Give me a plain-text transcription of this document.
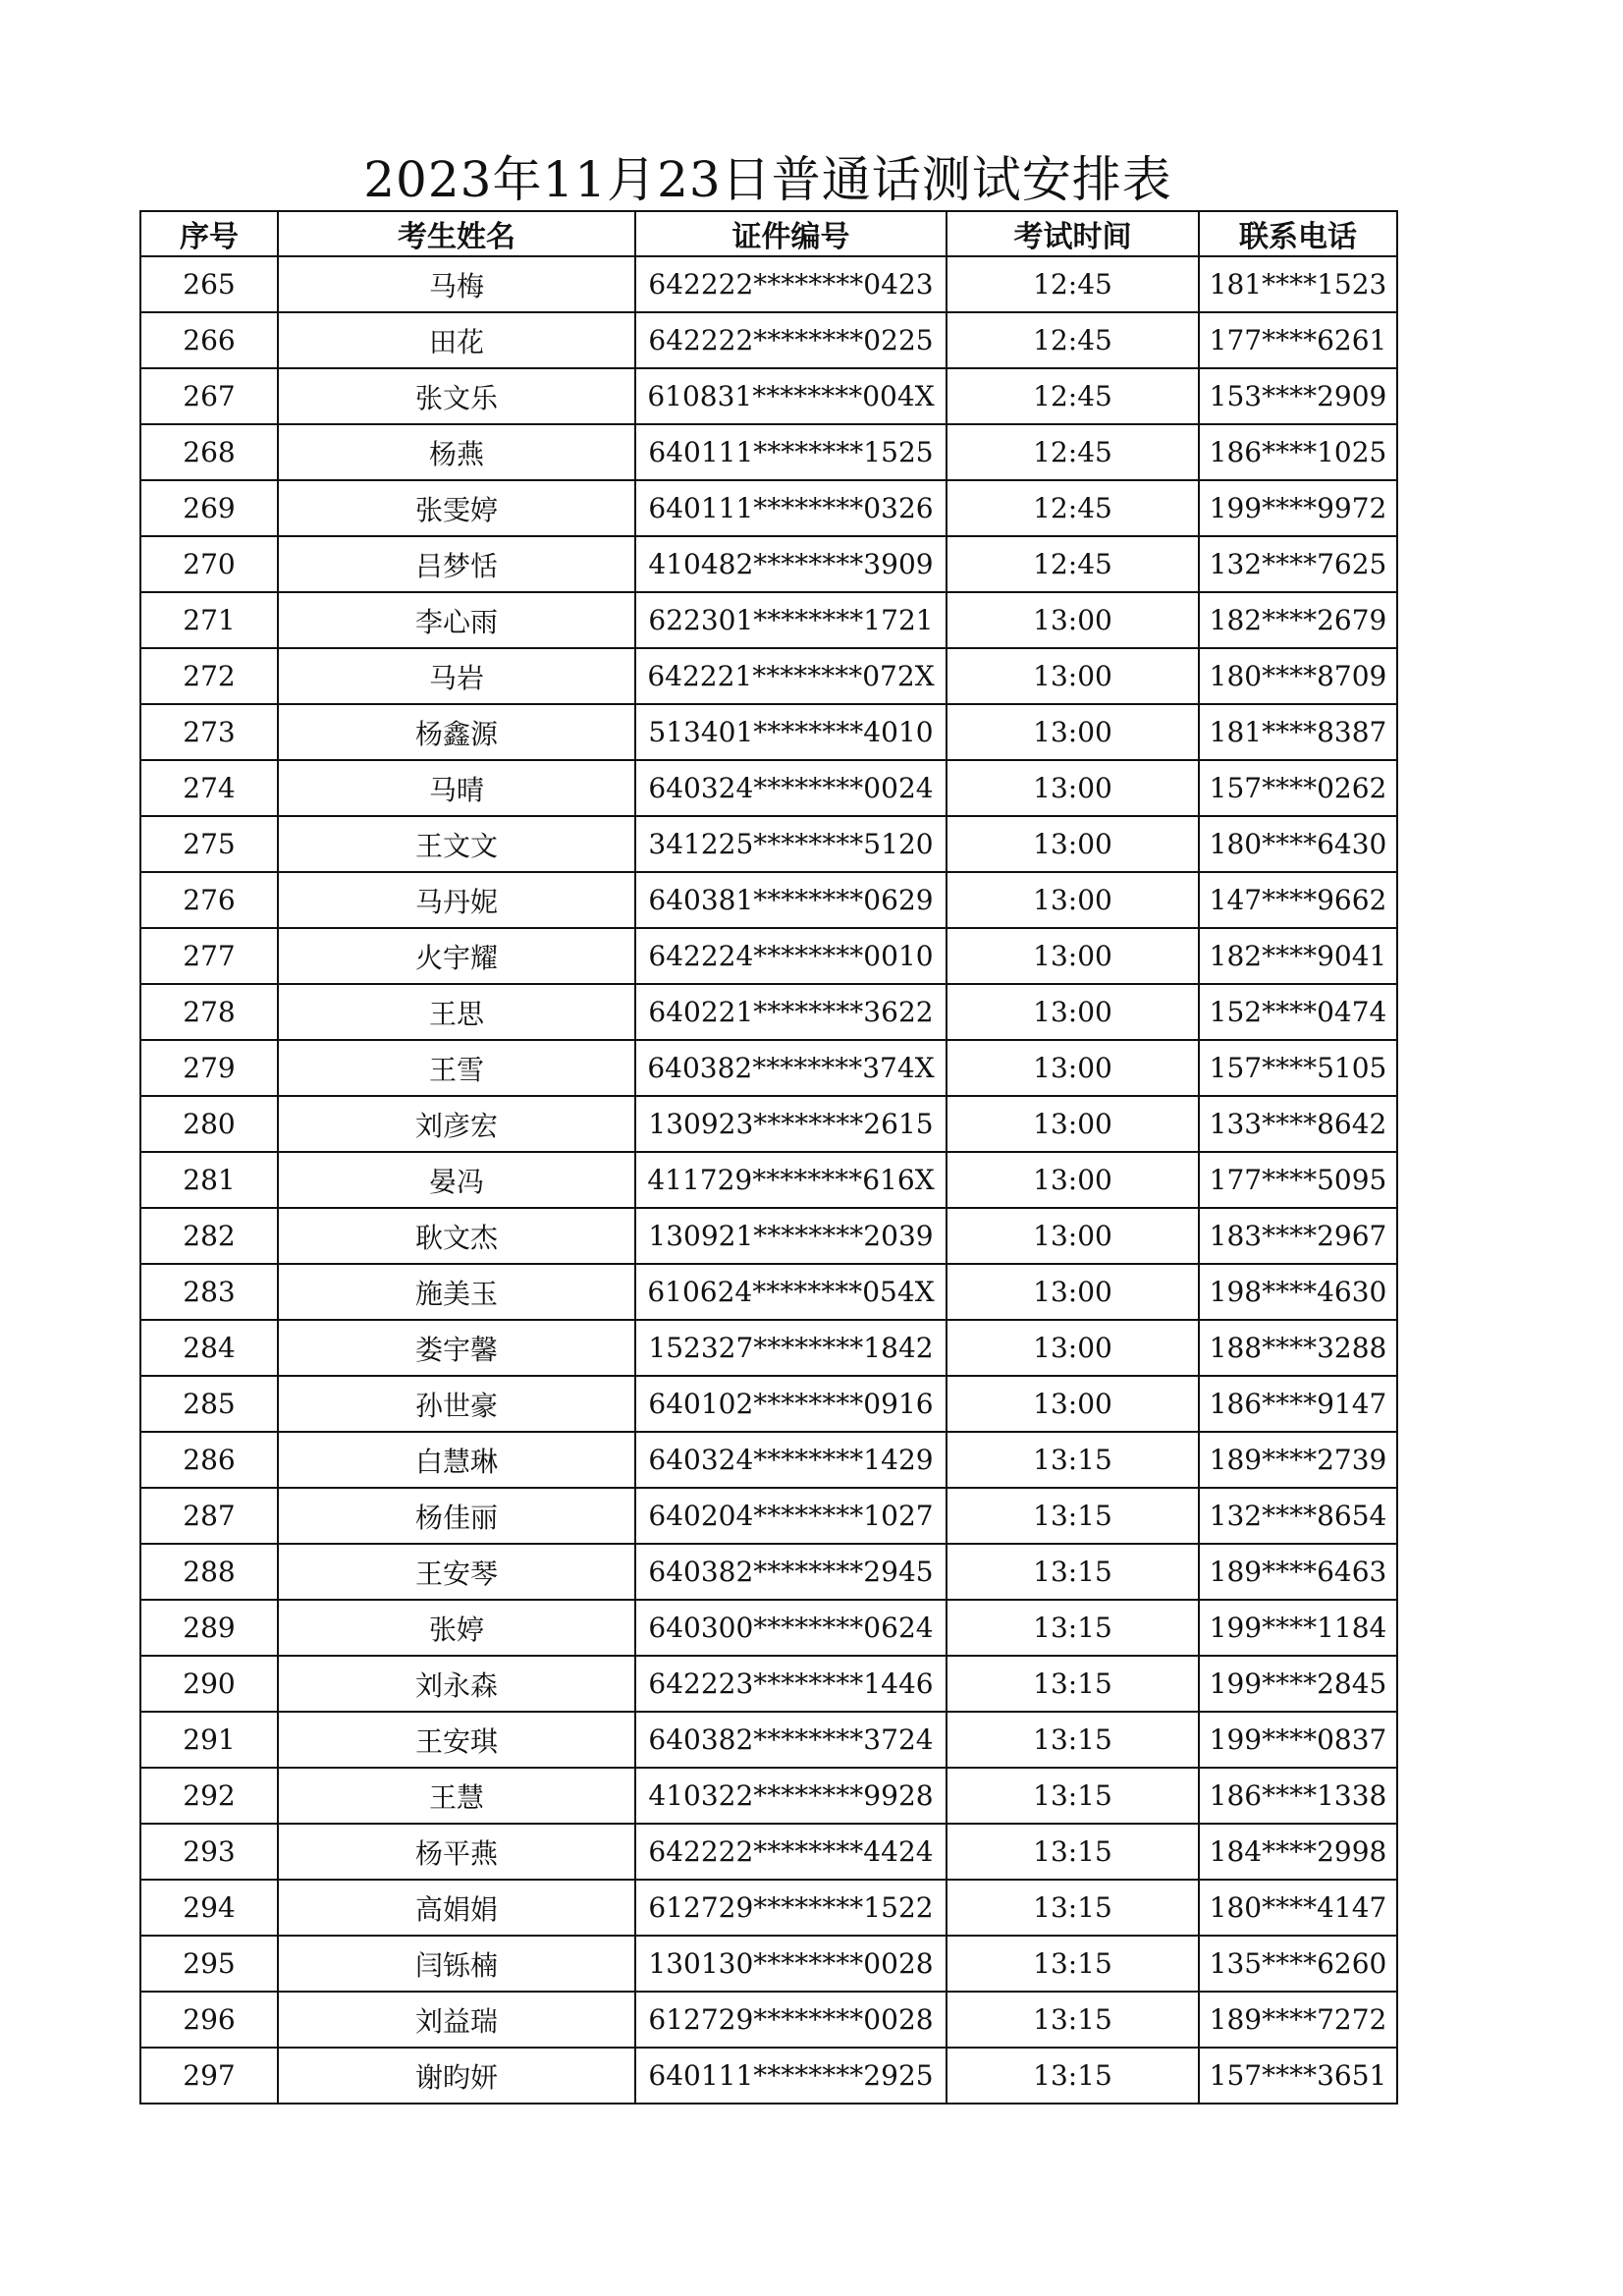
2023年11月23日普通话测试安排表
序号	考生姓名	证件编号	考试时间	联系电话
265	马梅	642222********0423	12:45	181****1523
266	田花	642222********0225	12:45	177****6261
267	张文乐	610831********004X	12:45	153****2909
268	杨燕	640111********1525	12:45	186****1025
269	张雯婷	640111********0326	12:45	199****9972
270	吕梦恬	410482********3909	12:45	132****7625
271	李心雨	622301********1721	13:00	182****2679
272	马岩	642221********072X	13:00	180****8709
273	杨鑫源	513401********4010	13:00	181****8387
274	马晴	640324********0024	13:00	157****0262
275	王文文	341225********5120	13:00	180****6430
276	马丹妮	640381********0629	13:00	147****9662
277	火宇耀	642224********0010	13:00	182****9041
278	王思	640221********3622	13:00	152****0474
279	王雪	640382********374X	13:00	157****5105
280	刘彦宏	130923********2615	13:00	133****8642
281	晏冯	411729********616X	13:00	177****5095
282	耿文杰	130921********2039	13:00	183****2967
283	施美玉	610624********054X	13:00	198****4630
284	娄宇馨	152327********1842	13:00	188****3288
285	孙世豪	640102********0916	13:00	186****9147
286	白慧琳	640324********1429	13:15	189****2739
287	杨佳丽	640204********1027	13:15	132****8654
288	王安琴	640382********2945	13:15	189****6463
289	张婷	640300********0624	13:15	199****1184
290	刘永森	642223********1446	13:15	199****2845
291	王安琪	640382********3724	13:15	199****0837
292	王慧	410322********9928	13:15	186****1338
293	杨平燕	642222********4424	13:15	184****2998
294	高娟娟	612729********1522	13:15	180****4147
295	闫铄楠	130130********0028	13:15	135****6260
296	刘益瑞	612729********0028	13:15	189****7272
297	谢昀妍	640111********2925	13:15	157****3651
